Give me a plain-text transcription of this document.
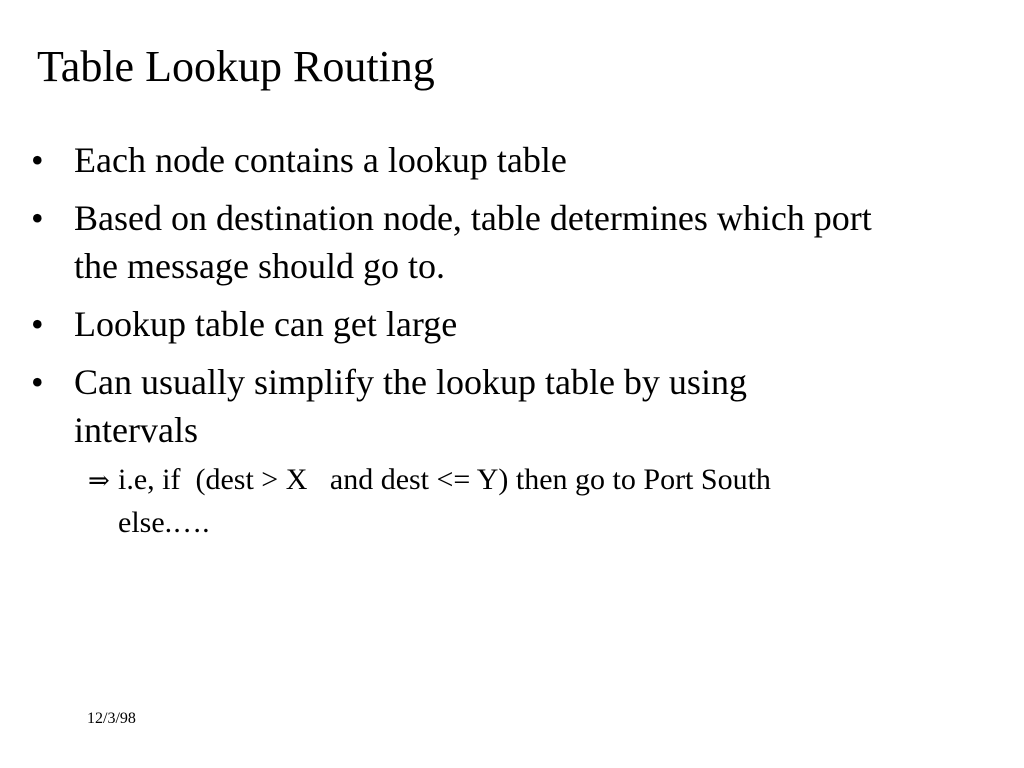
Table Lookup Routing
• Each node contains a lookup table
• Based on destination node, table determines which port the message should go to.
• Lookup table can get large
• Can usually simplify the lookup table by using intervals
⇒ i.e, if  (dest > X   and dest <= Y) then go to Port South
else.….
12/3/98
